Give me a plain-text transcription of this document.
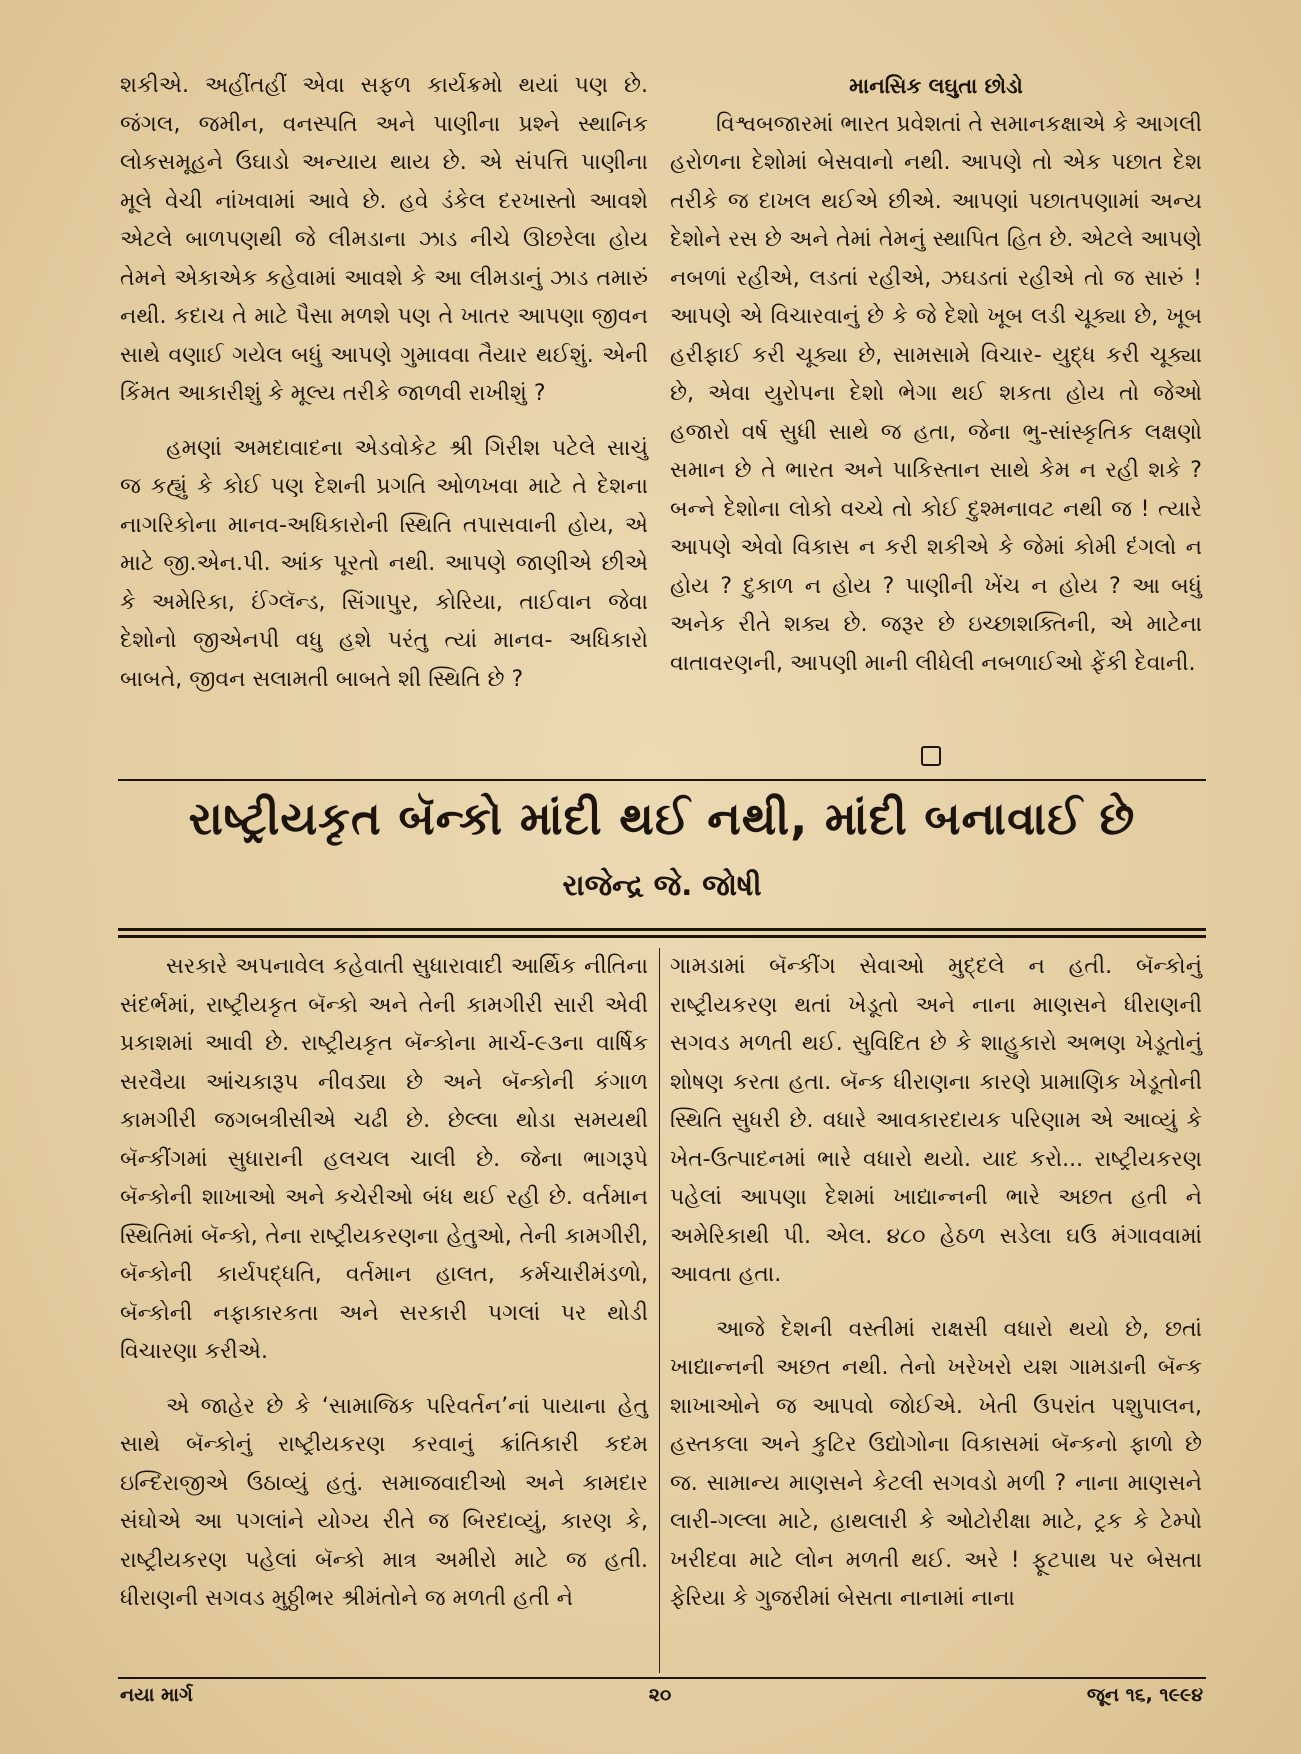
શકીએ. અહીંતહીં એવા સફળ કાર્યક્રમો થયાં પણ છે. જંગલ, જમીન, વનસ્પતિ અને પાણીના પ્રશ્ને સ્થાનિક લોકસમૂહને ઉઘાડો અન્યાય થાય છે. એ સંપત્તિ પાણીના મૂલે વેચી નાંખવામાં આવે છે. હવે ડંકેલ દરખાસ્તો આવશે એટલે બાળપણથી જે લીમડાના ઝાડ નીચે ઊછરેલા હોય તેમને એકાએક કહેવામાં આવશે કે આ લીમડાનું ઝાડ તમારું નથી. કદાચ તે માટે પૈસા મળશે પણ તે ખાતર આપણા જીવન સાથે વણાઈ ગયેલ બધું આપણે ગુમાવવા તૈયાર થઈશું. એની કિંમત આકારીશું કે મૂલ્ય તરીકે જાળવી રાખીશું ?

હમણાં અમદાવાદના એડવોકેટ શ્રી ગિરીશ પટેલે સાચું જ કહ્યું કે કોઈ પણ દેશની પ્રગતિ ઓળખવા માટે તે દેશના નાગરિકોના માનવ-અધિકારોની સ્થિતિ તપાસવાની હોય, એ માટે જી.એન.પી. આંક પૂરતો નથી. આપણે જાણીએ છીએ કે અમેરિકા, ઈંગ્લૅન્ડ, સિંગાપુર, કોરિયા, તાઈવાન જેવા દેશોનો જીએનપી વધુ હશે પરંતુ ત્યાં માનવ- અધિકારો બાબતે, જીવન સલામતી બાબતે શી સ્થિતિ છે ?

માનસિક લઘુતા છોડો

વિશ્વબજારમાં ભારત પ્રવેશતાં તે સમાનકક્ષાએ કે આગલી હરોળના દેશોમાં બેસવાનો નથી. આપણે તો એક પછાત દેશ તરીકે જ દાખલ થઈએ છીએ. આપણાં પછાતપણામાં અન્ય દેશોને રસ છે અને તેમાં તેમનું સ્થાપિત હિત છે. એટલે આપણે નબળાં રહીએ, લડતાં રહીએ, ઝઘડતાં રહીએ તો જ સારું ! આપણે એ વિચારવાનું છે કે જે દેશો ખૂબ લડી ચૂક્યા છે, ખૂબ હરીફાઈ કરી ચૂક્યા છે, સામસામે વિચાર- યુદ્ધ કરી ચૂક્યા છે, એવા યુરોપના દેશો ભેગા થઈ શકતા હોય તો જેઓ હજારો વર્ષ સુધી સાથે જ હતા, જેના ભુ-સાંસ્કૃતિક લક્ષણો સમાન છે તે ભારત અને પાકિસ્તાન સાથે કેમ ન રહી શકે ? બન્ને દેશોના લોકો વચ્ચે તો કોઈ દુશ્મનાવટ નથી જ ! ત્યારે આપણે એવો વિકાસ ન કરી શકીએ કે જેમાં કોમી દંગલો ન હોય ? દુકાળ ન હોય ? પાણીની ખેંચ ન હોય ? આ બધું અનેક રીતે શક્ય છે. જરૂર છે ઇચ્છાશક્તિની, એ માટેના વાતાવરણની, આપણી માની લીધેલી નબળાઈઓ ફેંકી દેવાની.

રાષ્ટ્રીયકૃત બૅન્કો માંદી થઈ નથી, માંદી બનાવાઈ છે

રાજેન્દ્ર જે. જોષી

સરકારે અપનાવેલ કહેવાતી સુધારાવાદી આર્થિક નીતિના સંદર્ભમાં, રાષ્ટ્રીયકૃત બૅન્કો અને તેની કામગીરી સારી એવી પ્રકાશમાં આવી છે. રાષ્ટ્રીયકૃત બૅન્કોના માર્ચ-૯૩ના વાર્ષિક સરવૈયા આંચકારૂપ નીવડ્યા છે અને બૅન્કોની કંગાળ કામગીરી જગબત્રીસીએ ચઢી છે. છેલ્લા થોડા સમયથી બૅન્કીંગમાં સુધારાની હલચલ ચાલી છે. જેના ભાગરૂપે બૅન્કોની શાખાઓ અને કચેરીઓ બંધ થઈ રહી છે. વર્તમાન સ્થિતિમાં બૅન્કો, તેના રાષ્ટ્રીયકરણના હેતુઓ, તેની કામગીરી, બૅન્કોની કાર્યપદ્ધતિ, વર્તમાન હાલત, કર્મચારીમંડળો, બૅન્કોની નફાકારકતા અને સરકારી પગલાં પર થોડી વિચારણા કરીએ.

એ જાહેર છે કે ‘સામાજિક પરિવર્તન’નાં પાયાના હેતુ સાથે બૅન્કોનું રાષ્ટ્રીયકરણ કરવાનું ક્રાંતિકારી કદમ ઇન્દિરાજીએ ઉઠાવ્યું હતું. સમાજવાદીઓ અને કામદાર સંઘોએ આ પગલાંને યોગ્ય રીતે જ બિરદાવ્યું, કારણ કે, રાષ્ટ્રીયકરણ પહેલાં બૅન્કો માત્ર અમીરો માટે જ હતી. ધીરાણની સગવડ મુઠ્ઠીભર શ્રીમંતોને જ મળતી હતી ને

ગામડામાં બૅન્કીંગ સેવાઓ મુદ્દલે ન હતી. બૅન્કોનું રાષ્ટ્રીયકરણ થતાં ખેડૂતો અને નાના માણસને ધીરાણની સગવડ મળતી થઈ. સુવિદિત છે કે શાહુકારો અભણ ખેડૂતોનું શોષણ કરતા હતા. બૅન્ક ધીરાણના કારણે પ્રામાણિક ખેડૂતોની સ્થિતિ સુધરી છે. વધારે આવકારદાયક પરિણામ એ આવ્યું કે ખેત-ઉત્પાદનમાં ભારે વધારો થયો. યાદ કરો... રાષ્ટ્રીયકરણ પહેલાં આપણા દેશમાં ખાદ્યાન્નની ભારે અછત હતી ને અમેરિકાથી પી. એલ. ૪૮૦ હેઠળ સડેલા ઘઉ મંગાવવામાં આવતા હતા.

આજે દેશની વસ્તીમાં રાક્ષસી વધારો થયો છે, છતાં ખાદ્યાન્નની અછત નથી. તેનો ખરેખરો યશ ગામડાની બૅન્ક શાખાઓને જ આપવો જોઈએ. ખેતી ઉપરાંત પશુપાલન, હસ્તકલા અને કુટિર ઉદ્યોગોના વિકાસમાં બૅન્કનો ફાળો છે જ. સામાન્ય માણસને કેટલી સગવડો મળી ? નાના માણસને લારી-ગલ્લા માટે, હાથલારી કે ઓટોરીક્ષા માટે, ટ્રક કે ટેમ્પો ખરીદવા માટે લોન મળતી થઈ. અરે ! ફૂટપાથ પર બેસતા ફેરિયા કે ગુજરીમાં બેસતા નાનામાં નાના

નયા માર્ગ	૨૦	જૂન ૧૬, ૧૯૯૪
